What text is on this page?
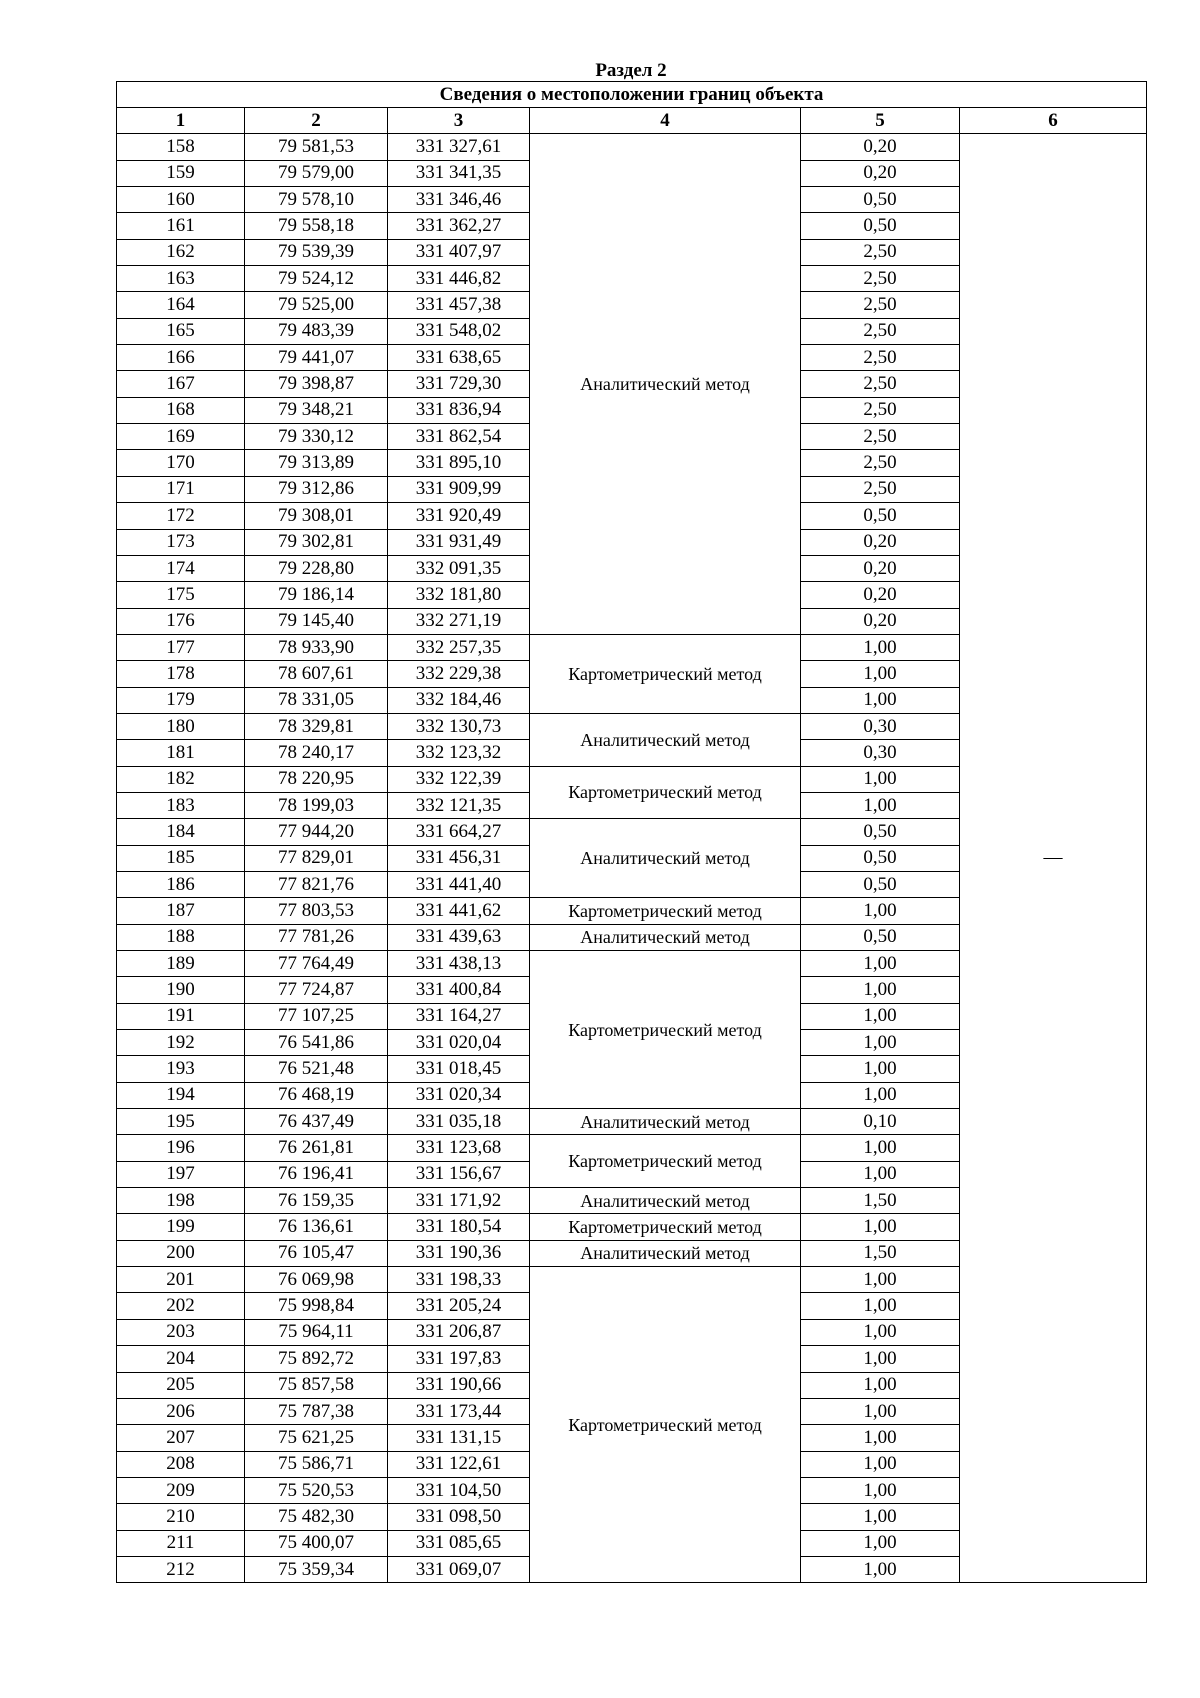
Раздел 2
Сведения о местоположении границ объекта					
1	2	3	4	5	6
158	79 581,53	331 327,61	Аналитический метод	0,20	—
159	79 579,00	331 341,35		0,20	
160	79 578,10	331 346,46		0,50	
161	79 558,18	331 362,27		0,50	
162	79 539,39	331 407,97		2,50	
163	79 524,12	331 446,82		2,50	
164	79 525,00	331 457,38		2,50	
165	79 483,39	331 548,02		2,50	
166	79 441,07	331 638,65		2,50	
167	79 398,87	331 729,30		2,50	
168	79 348,21	331 836,94		2,50	
169	79 330,12	331 862,54		2,50	
170	79 313,89	331 895,10		2,50	
171	79 312,86	331 909,99		2,50	
172	79 308,01	331 920,49		0,50	
173	79 302,81	331 931,49		0,20	
174	79 228,80	332 091,35		0,20	
175	79 186,14	332 181,80		0,20	
176	79 145,40	332 271,19		0,20	
177	78 933,90	332 257,35	Картометрический метод	1,00	
178	78 607,61	332 229,38		1,00	
179	78 331,05	332 184,46		1,00	
180	78 329,81	332 130,73	Аналитический метод	0,30	
181	78 240,17	332 123,32		0,30	
182	78 220,95	332 122,39	Картометрический метод	1,00	
183	78 199,03	332 121,35		1,00	
184	77 944,20	331 664,27	Аналитический метод	0,50	
185	77 829,01	331 456,31		0,50	
186	77 821,76	331 441,40		0,50	
187	77 803,53	331 441,62	Картометрический метод	1,00	
188	77 781,26	331 439,63	Аналитический метод	0,50	
189	77 764,49	331 438,13	Картометрический метод	1,00	
190	77 724,87	331 400,84		1,00	
191	77 107,25	331 164,27		1,00	
192	76 541,86	331 020,04		1,00	
193	76 521,48	331 018,45		1,00	
194	76 468,19	331 020,34		1,00	
195	76 437,49	331 035,18	Аналитический метод	0,10	
196	76 261,81	331 123,68	Картометрический метод	1,00	
197	76 196,41	331 156,67		1,00	
198	76 159,35	331 171,92	Аналитический метод	1,50	
199	76 136,61	331 180,54	Картометрический метод	1,00	
200	76 105,47	331 190,36	Аналитический метод	1,50	
201	76 069,98	331 198,33	Картометрический метод	1,00	
202	75 998,84	331 205,24		1,00	
203	75 964,11	331 206,87		1,00	
204	75 892,72	331 197,83		1,00	
205	75 857,58	331 190,66		1,00	
206	75 787,38	331 173,44		1,00	
207	75 621,25	331 131,15		1,00	
208	75 586,71	331 122,61		1,00	
209	75 520,53	331 104,50		1,00	
210	75 482,30	331 098,50		1,00	
211	75 400,07	331 085,65		1,00	
212	75 359,34	331 069,07		1,00	
